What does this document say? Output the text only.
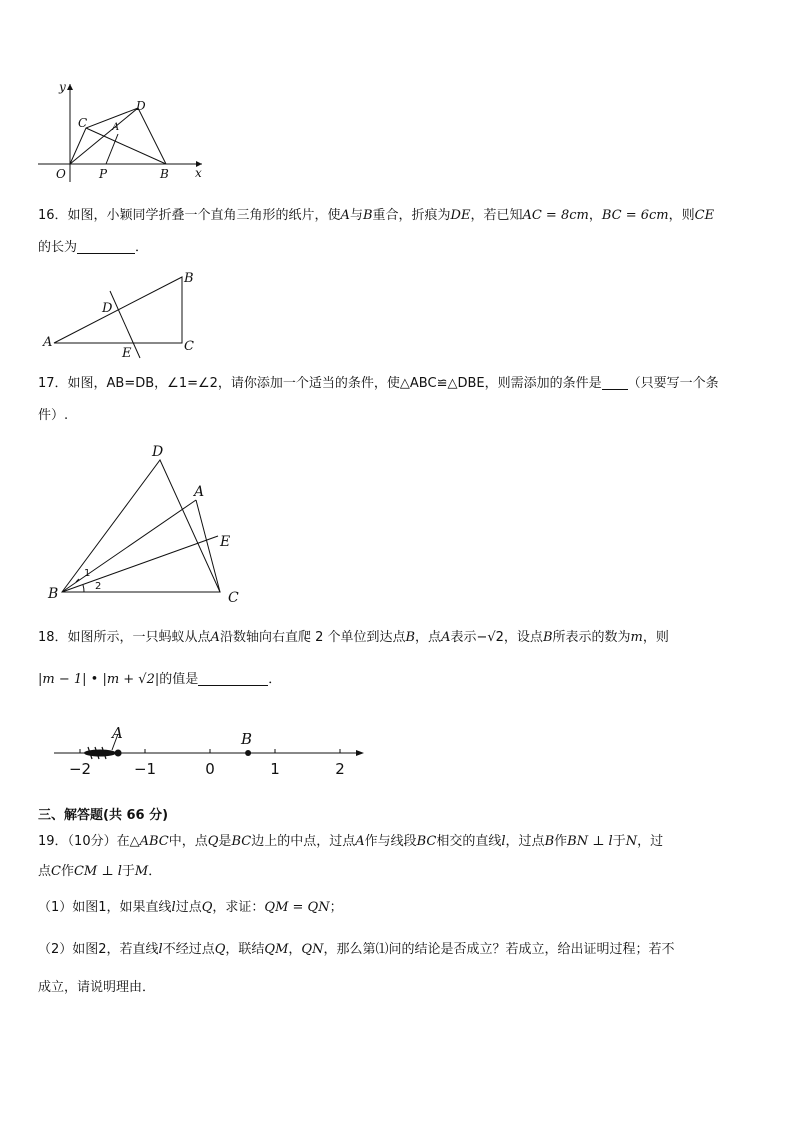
y
x
O	P	B
C
D
A
16．如图，小颖同学折叠一个直角三角形的纸片，使A与B重合，折痕为DE，若已知AC = 8cm，BC = 6cm，则CE
的长为	．
A
B
C
D
E
17．如图，AB=DB，∠1=∠2，请你添加一个适当的条件，使△ABC≌△DBE，则需添加的条件是 （只要写一个条
件）.
D
A
E
B	C
1
2
18．如图所示，一只蚂蚁从点A沿数轴向右直爬 2 个单位到达点B，点A表示−√2，设点B所表示的数为m，则
|m − 1| • |m + √2|的值是	．
−2	−1	0	1	2
A	B
三、解答题(共 66 分)
19．（10分）在△ABC中，点Q是BC边上的中点，过点A作与线段BC相交的直线l，过点B作BN ⊥ l于N，过
点C作CM ⊥ l于M．
（1）如图1，如果直线l过点Q，求证：QM = QN；
（2）如图2，若直线l不经过点Q，联结QM，QN，那么第⑴问的结论是否成立？若成立，给出证明过程；若不
成立，请说明理由．
